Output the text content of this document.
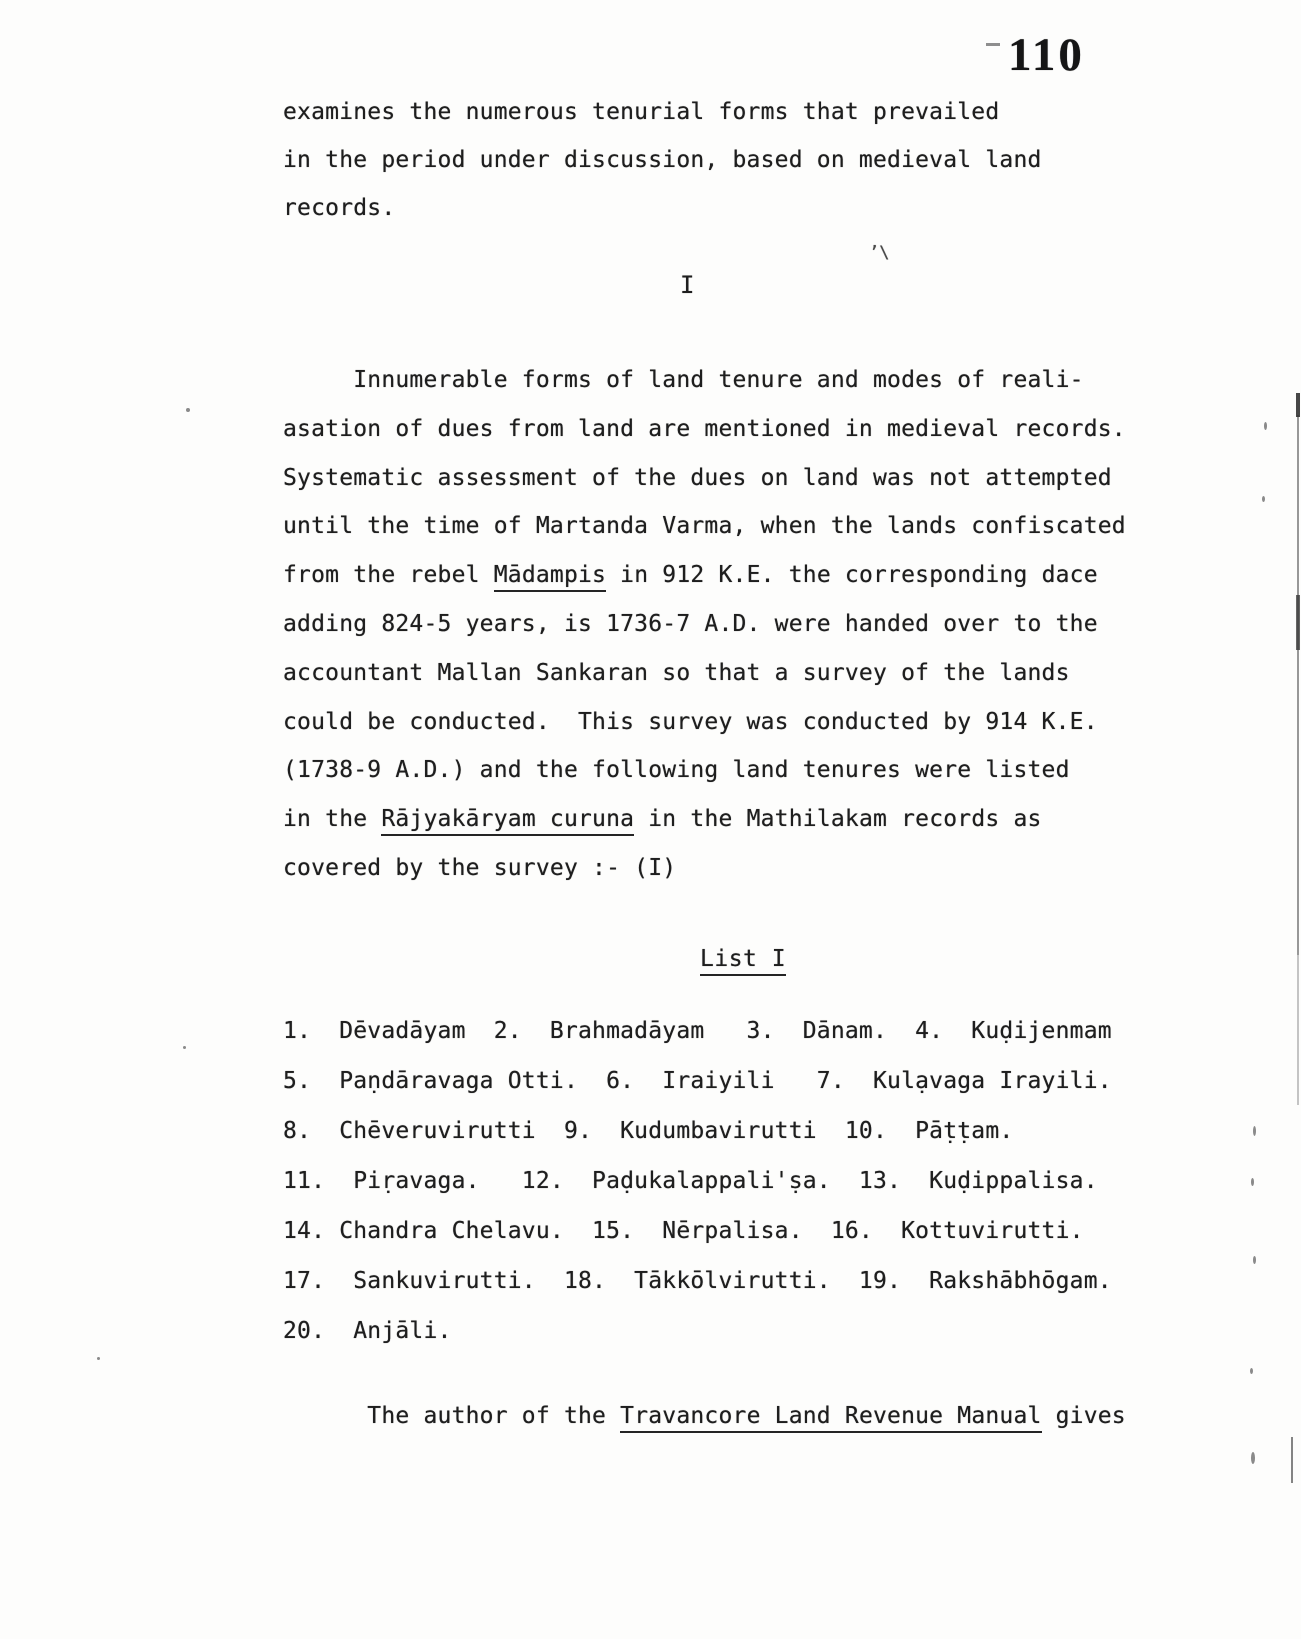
110
examines the numerous tenurial forms that prevailed
in the period under discussion, based on medieval land
records.
I
Innumerable forms of land tenure and modes of reali-
asation of dues from land are mentioned in medieval records.
Systematic assessment of the dues on land was not attempted
until the time of Martanda Varma, when the lands confiscated
from the rebel Mādampis in 912 K.E. the corresponding dace
adding 824-5 years, is 1736-7 A.D. were handed over to the
accountant Mallan Sankaran so that a survey of the lands
could be conducted.  This survey was conducted by 914 K.E.
(1738-9 A.D.) and the following land tenures were listed
in the Rājyakāryam curuna in the Mathilakam records as
covered by the survey :- (I)
List I
1.  Dēvadāyam  2.  Brahmadāyam   3.  Dānam.  4.  Kuḍijenmam
5.  Paṇdāravaga Otti.  6.  Iraiyili   7.  Kulạvaga Irayili.
8.  Chēveruvirutti  9.  Kudumbavirutti  10.  Pāṭṭam.
11.  Piṛavaga.   12.  Paḍukalappali'ṣa.  13.  Kuḍippalisa.
14. Chandra Chelavu.  15.  Nērpalisa.  16.  Kottuvirutti.
17.  Sankuvirutti.  18.  Tākkōlvirutti.  19.  Rakshābhōgam.
20.  Anjāli.
The author of the Travancore Land Revenue Manual gives
’\
